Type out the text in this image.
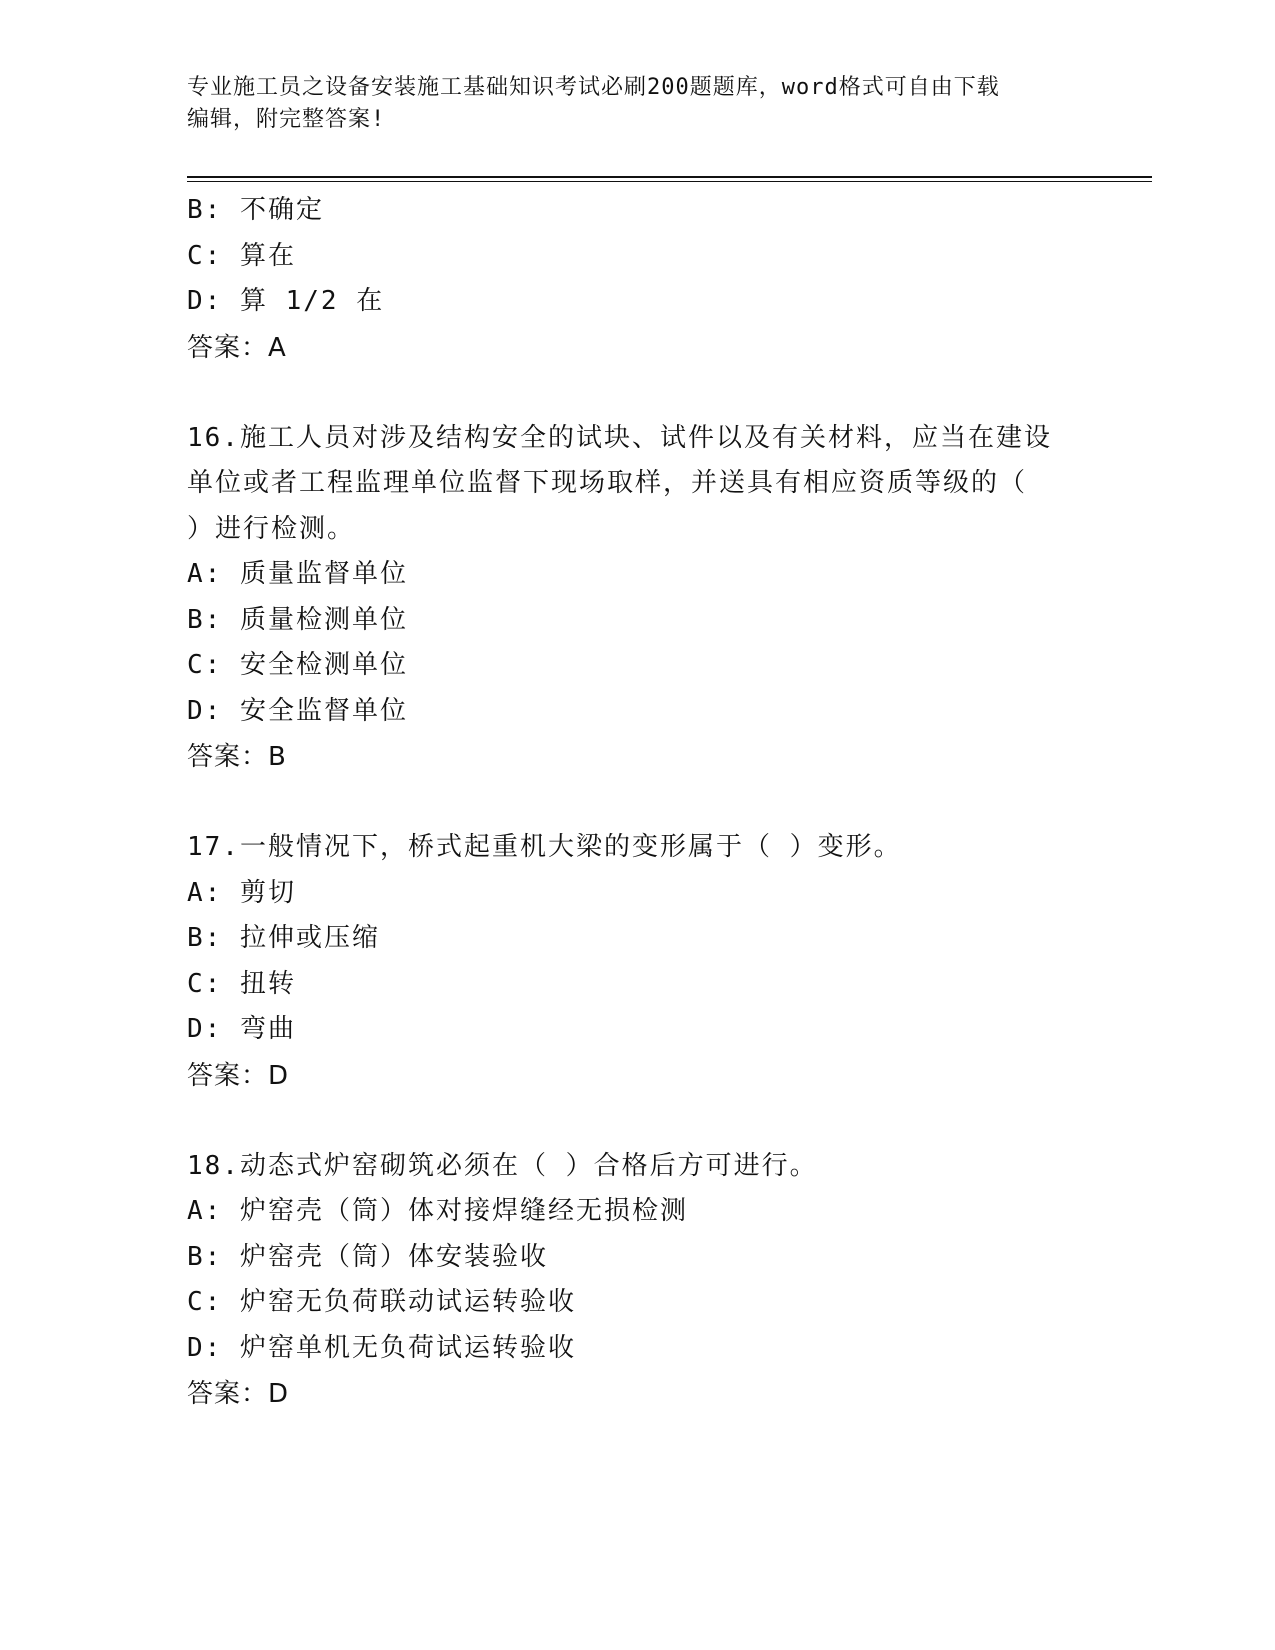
专业施工员之设备安装施工基础知识考试必刷200题题库，word格式可自由下载
编辑，附完整答案!
B: 不确定
C: 算在
D: 算 1/2 在
答案：A
16.施工人员对涉及结构安全的试块、试件以及有关材料，应当在建设
单位或者工程监理单位监督下现场取样，并送具有相应资质等级的（
）进行检测。
A: 质量监督单位
B: 质量检测单位
C: 安全检测单位
D: 安全监督单位
答案：B
17.一般情况下，桥式起重机大梁的变形属于（ ）变形。
A: 剪切
B: 拉伸或压缩
C: 扭转
D: 弯曲
答案：D
18.动态式炉窑砌筑必须在（ ）合格后方可进行。
A: 炉窑壳（筒）体对接焊缝经无损检测
B: 炉窑壳（筒）体安装验收
C: 炉窑无负荷联动试运转验收
D: 炉窑单机无负荷试运转验收
答案：D
